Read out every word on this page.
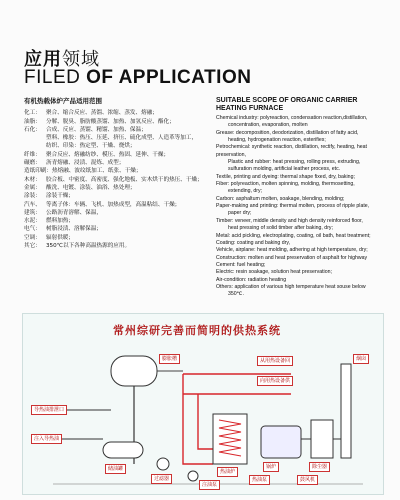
应用领域
FILED OF APPLICATION
有机热载体炉产品适用范围
化工： 聚合、缩合反应、蒸馏、浓缩、蒸发、熔融；
油脂： 分解、脱臭、脂肪酸蒸馏、加热、加氢反应、酯化；
石化： 合成、反应、蒸馏、精馏、加热、保温；
塑料、橡胶：热压、压延、挤压、硫化成型、人造革等加工，
纺织、印染：热定型、干燥、烧烘；
纤维： 聚合反应、熔融纺纱、模压、热固、延伸、干燥；
碾磨： 沥青熔融、浸渍、混炼、成型；
造纸印刷：热熔融、波纹纸加工、纸张、干燥；
木材： 胶合板、中密度、高密度、强化地板、实木烘干的热压、干燥；
金属： 酸洗、电镀、涂装、油浴、热处理；
涂装： 涂装干燥；
汽车、 等离子体：车辆、飞机、加热成型，高温粘结、干燥；
建筑： 公路沥青溶解、保温，
水泥： 燃料加热；
电气： 树脂浸渍、溶解保温；
空调： 辐射供暖；
其它： 350℃以下各种高温热源的应用。
SUITABLE SCOPE OF ORGANIC CARRIER HEATING FURNACE
Chemical industry: polyreaction, condensation reaction,distillation,
concentration, evaporation, molten
Grease: decomposition, deodorization, distillation of fatty acid,
heating, hydrogenation reaction, esterifies;
Petrochemical: synthetic reaction, distillation, rectify, heating, heat preservation,
Plastic and rubber: heat pressing, rolling press, extruding,
sulfuration molding, artificial leather process, etc.
Textile, printing and dyeing: thermal shape fixed, dry, baking;
Fiber: polyreaction, molten spinning, molding, thermosetting,
extending, dry;
Carbon: asphaltum molten, soakage, blending, molding;
Paper-making and printing: thermal molten, process of ripple plate,
paper dry;
Timber: veneer, middle density and high density reinforced floor,
heat pressing of solid timber after baking, dry;
Metal: acid pickling, electroplating, coating, oil bath, heat treatment;
Coating: coating and baking dry,
Vehicle, airplane: heat molding, adhering at high temperature, dry;
Construction: molten and heat preservation of asphalt for highway
Cement: fuel heating;
Electric: resin soakage, solution heat preservation;
Air-condition: radiation heating
Others: application of various high temperature heat souse below
350℃.
常州综研完善而简明的供热系统
从用热设备回
向用热设备供
导热油排泄口
注入导热油
储油罐
膨胀槽
过滤器
热油炉
热油泵
锅炉
鼓风机
除尘器
烟囱
注油泵
